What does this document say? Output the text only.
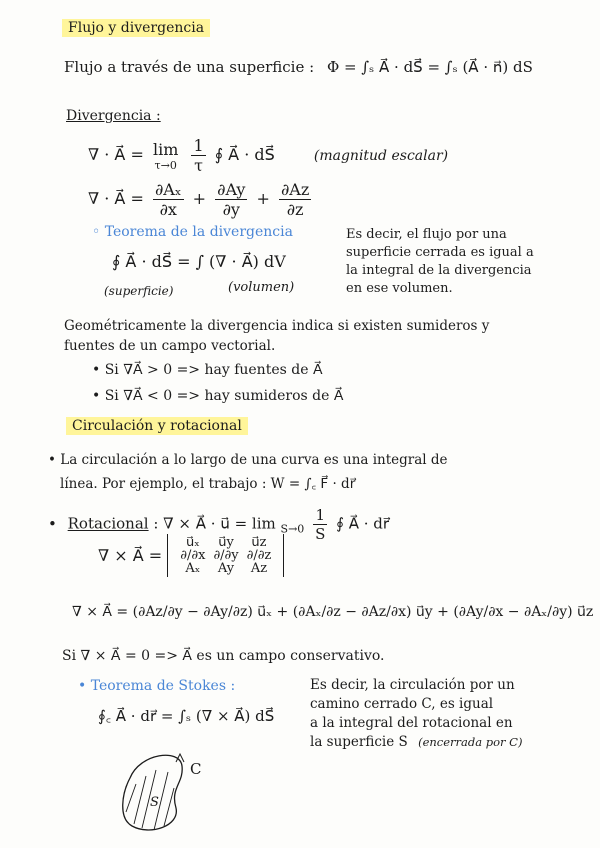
Flujo y divergencia
Flujo a través de una superficie : Φ = ∫ₛ A⃗ · dS⃗ = ∫ₛ (A⃗ · n⃗) dS
Divergencia :
∇ · A⃗ = lim
τ→0
$\frac{1}{\tau}$ ∮ A⃗ · dS⃗	(magnitud escalar)
∇ · A⃗ = $\frac{\text{∂Aₓ}}{\partial x} + \frac{\partial Ay}{\partial y} + \frac{\partial Az}{\partial z}$
◦ Teorema de la divergencia
∮ A⃗ · dS⃗ = ∫ (∇ · A⃗) dV
(superficie)	(volumen)
Es decir, el flujo por una
superficie cerrada es igual a
la integral de la divergencia
en ese volumen.
Geométricamente la divergencia indica si existen sumideros y
fuentes de un campo vectorial.
• Si ∇A⃗ > 0 => hay fuentes de A⃗
• Si ∇A⃗ < 0 => hay sumideros de A⃗
Circulación y rotacional
• La circulación a lo largo de una curva es una integral de
línea. Por ejemplo, el trabajo : W = ∫꜀ F⃗ · dr⃗
• Rotacional : ∇ × A⃗ · u⃗ = $\lim _{S\to 0} \frac{1}{S}$ ∮ A⃗ · dr⃗
∇ × A⃗ =
u⃗ₓ	u⃗y	u⃗z
∂/∂x	∂/∂y	∂/∂z
Aₓ	Ay	Az
∇ × A⃗ = (∂Az/∂y − ∂Ay/∂z) u⃗ₓ + (∂Aₓ/∂z − ∂Az/∂x) u⃗y + (∂Ay/∂x − ∂Aₓ/∂y) u⃗z
Si ∇ × A⃗ = 0 => A⃗ es un campo conservativo.
• Teorema de Stokes :
∮꜀ A⃗ · dr⃗ = ∫ₛ (∇ × A⃗) dS⃗
Es decir, la circulación por un
camino cerrado C, es igual
a la integral del rotacional en
la superficie S (encerrada por C)
S
C
